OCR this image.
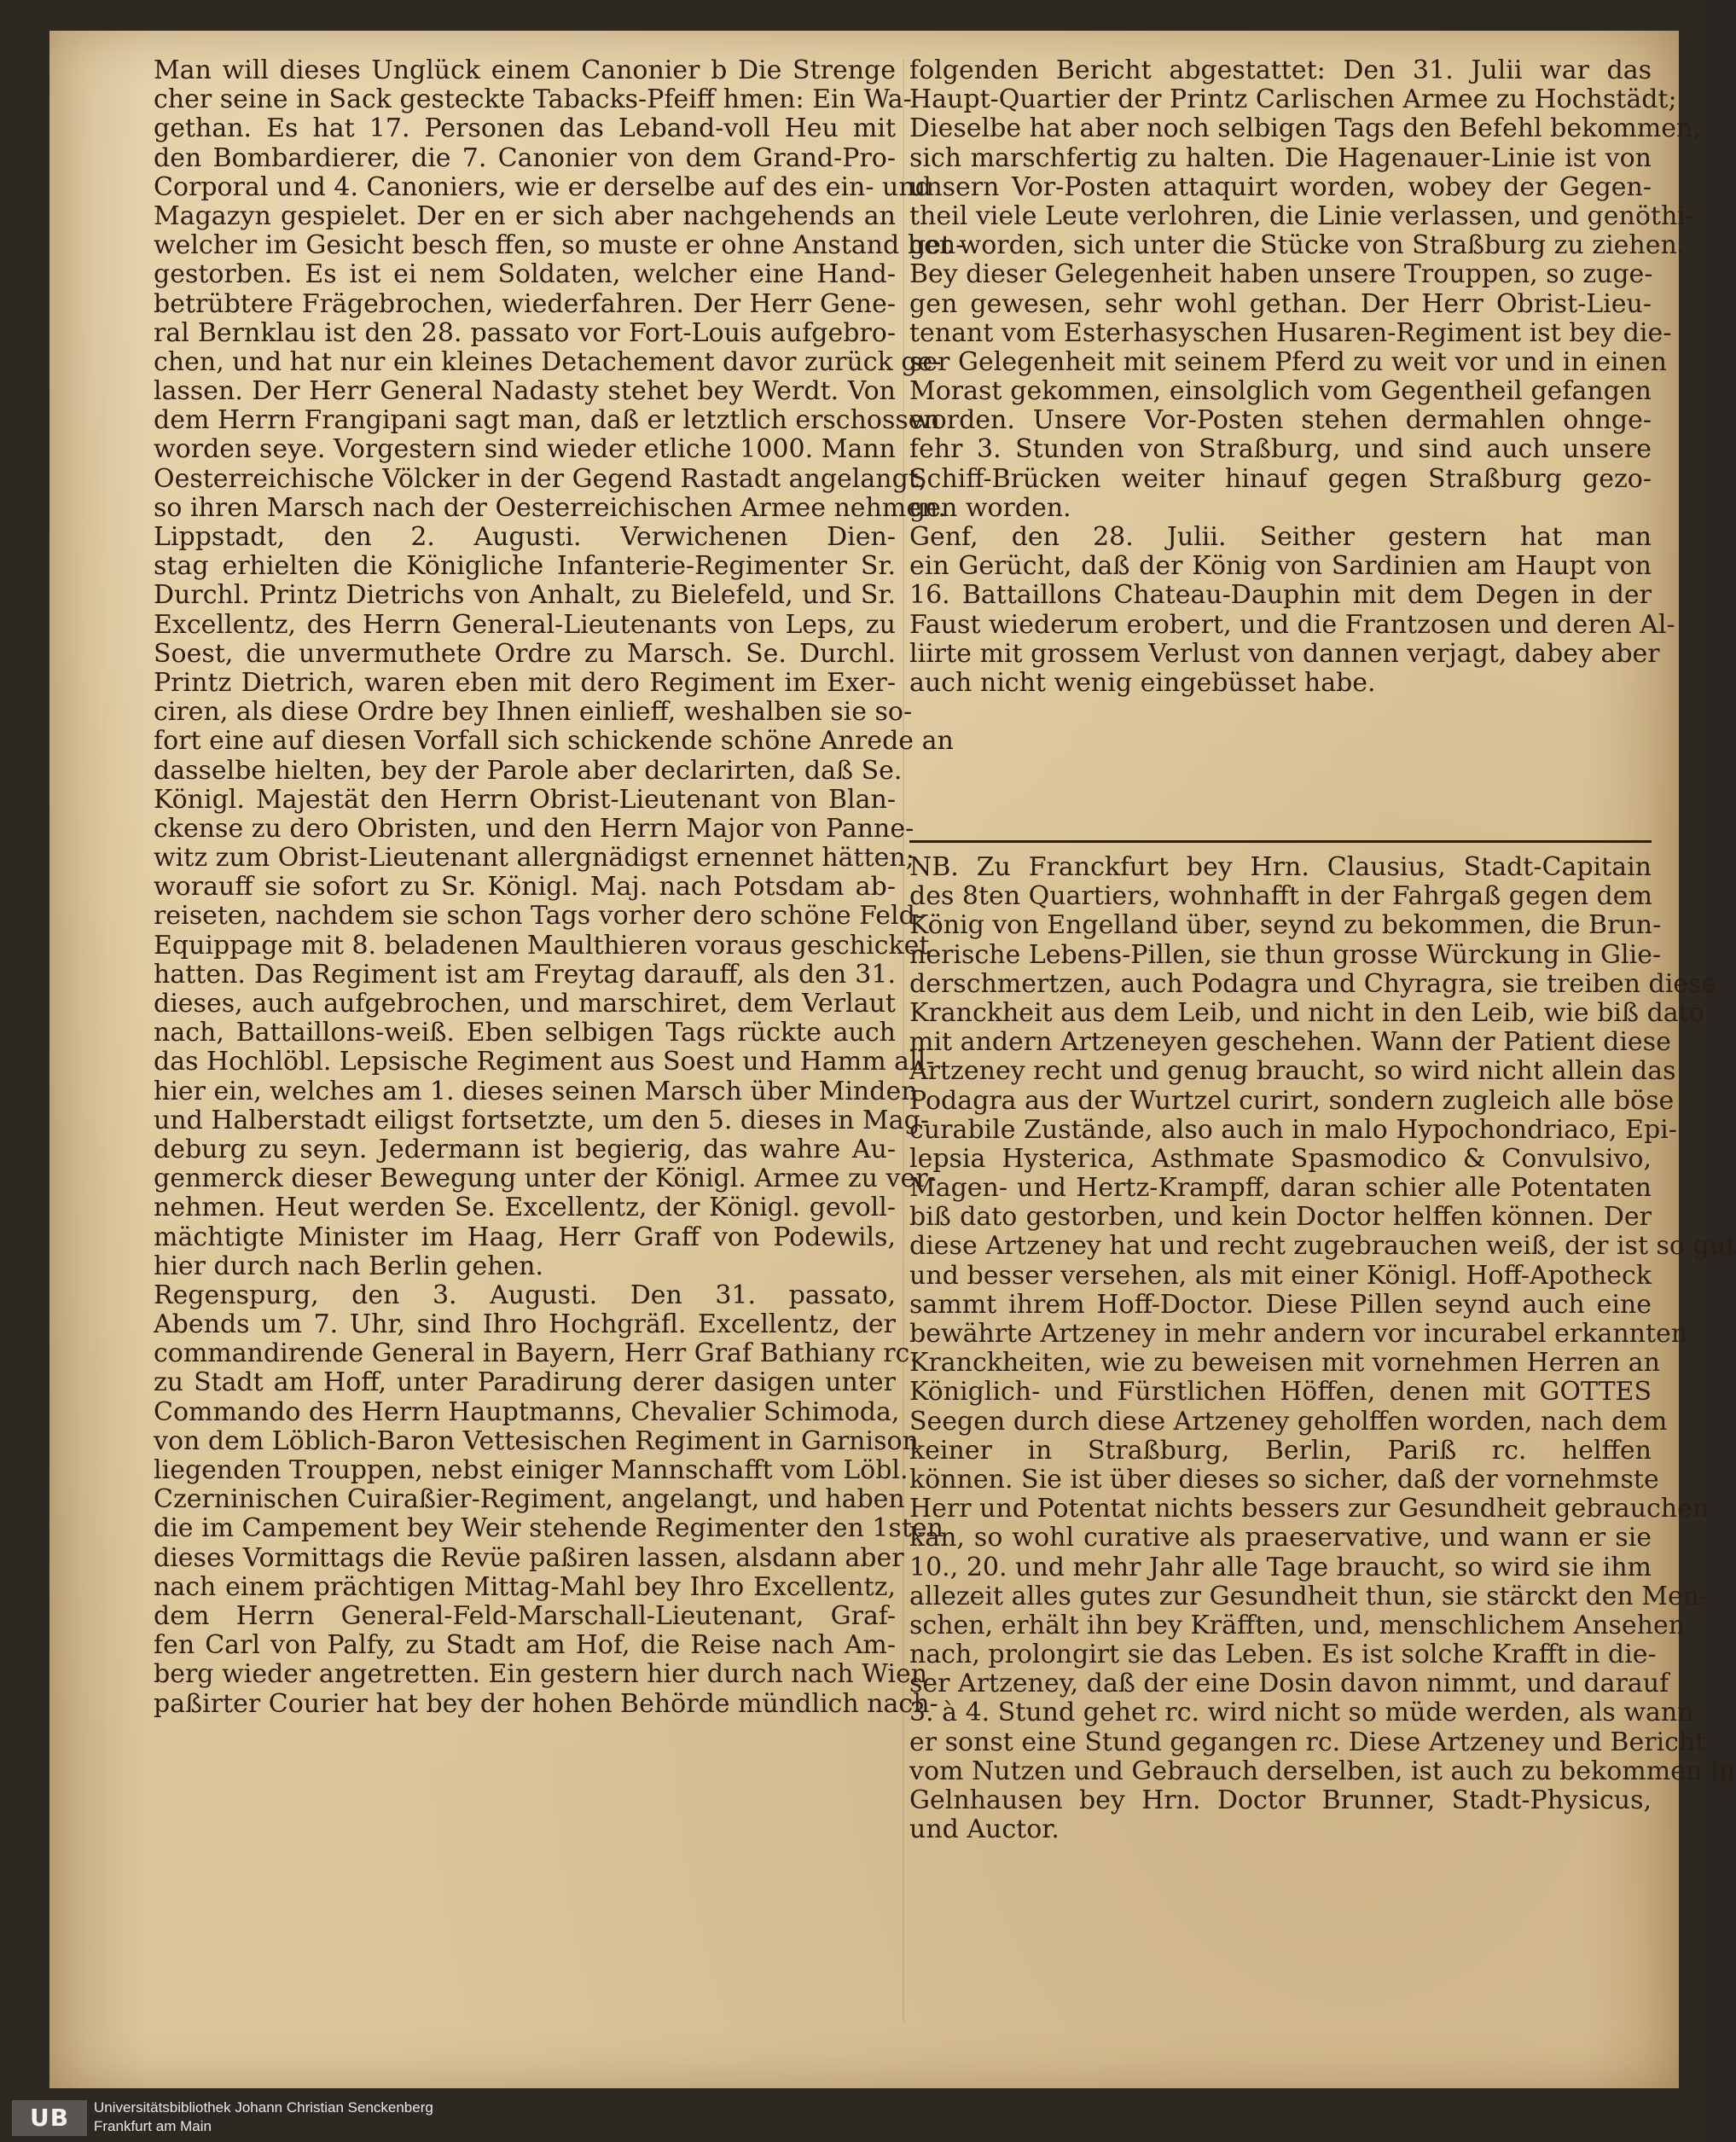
Man will dieses Unglück einem Canonier b Die Strenge
cher seine in Sack gesteckte Tabacks-Pfeiff hmen: Ein Wa-
gethan. Es hat 17. Personen das Leband-voll Heu mit
den Bombardierer, die 7. Canonier von dem Grand-Pro-
Corporal und 4. Canoniers, wie er derselbe auf des ein- und
Magazyn gespielet. Der en er sich aber nachgehends an
welcher im Gesicht besch ffen, so muste er ohne Anstand hen-
gestorben. Es ist ei nem Soldaten, welcher eine Hand-
betrübtere Frägebrochen, wiederfahren. Der Herr Gene-
ral Bernklau ist den 28. passato vor Fort-Louis aufgebro-
chen, und hat nur ein kleines Detachement davor zurück ge-
lassen. Der Herr General Nadasty stehet bey Werdt. Von
dem Herrn Frangipani sagt man, daß er letztlich erschossen
worden seye. Vorgestern sind wieder etliche 1000. Mann
Oesterreichische Völcker in der Gegend Rastadt angelangt,
so ihren Marsch nach der Oesterreichischen Armee nehmen.
Lippstadt, den 2. Augusti. Verwichenen Dien-
stag erhielten die Königliche Infanterie-Regimenter Sr.
Durchl. Printz Dietrichs von Anhalt, zu Bielefeld, und Sr.
Excellentz, des Herrn General-Lieutenants von Leps, zu
Soest, die unvermuthete Ordre zu Marsch. Se. Durchl.
Printz Dietrich, waren eben mit dero Regiment im Exer-
ciren, als diese Ordre bey Ihnen einlieff, weshalben sie so-
fort eine auf diesen Vorfall sich schickende schöne Anrede an
dasselbe hielten, bey der Parole aber declarirten, daß Se.
Königl. Majestät den Herrn Obrist-Lieutenant von Blan-
ckense zu dero Obristen, und den Herrn Major von Panne-
witz zum Obrist-Lieutenant allergnädigst ernennet hätten;
worauff sie sofort zu Sr. Königl. Maj. nach Potsdam ab-
reiseten, nachdem sie schon Tags vorher dero schöne Feld-
Equippage mit 8. beladenen Maulthieren voraus geschicket
hatten. Das Regiment ist am Freytag darauff, als den 31.
dieses, auch aufgebrochen, und marschiret, dem Verlaut
nach, Battaillons-weiß. Eben selbigen Tags rückte auch
das Hochlöbl. Lepsische Regiment aus Soest und Hamm all-
hier ein, welches am 1. dieses seinen Marsch über Minden
und Halberstadt eiligst fortsetzte, um den 5. dieses in Mag-
deburg zu seyn. Jedermann ist begierig, das wahre Au-
genmerck dieser Bewegung unter der Königl. Armee zu ver-
nehmen. Heut werden Se. Excellentz, der Königl. gevoll-
mächtigte Minister im Haag, Herr Graff von Podewils,
hier durch nach Berlin gehen.
Regenspurg, den 3. Augusti. Den 31. passato,
Abends um 7. Uhr, sind Ihro Hochgräfl. Excellentz, der
commandirende General in Bayern, Herr Graf Bathiany rc.
zu Stadt am Hoff, unter Paradirung derer dasigen unter
Commando des Herrn Hauptmanns, Chevalier Schimoda,
von dem Löblich-Baron Vettesischen Regiment in Garnison
liegenden Trouppen, nebst einiger Mannschafft vom Löbl.
Czerninischen Cuiraßier-Regiment, angelangt, und haben
die im Campement bey Weir stehende Regimenter den 1sten
dieses Vormittags die Revüe paßiren lassen, alsdann aber
nach einem prächtigen Mittag-Mahl bey Ihro Excellentz,
dem Herrn General-Feld-Marschall-Lieutenant, Graf-
fen Carl von Palfy, zu Stadt am Hof, die Reise nach Am-
berg wieder angetretten. Ein gestern hier durch nach Wien
paßirter Courier hat bey der hohen Behörde mündlich nach-
folgenden Bericht abgestattet: Den 31. Julii war das
Haupt-Quartier der Printz Carlischen Armee zu Hochstädt;
Dieselbe hat aber noch selbigen Tags den Befehl bekommen,
sich marschfertig zu halten. Die Hagenauer-Linie ist von
unsern Vor-Posten attaquirt worden, wobey der Gegen-
theil viele Leute verlohren, die Linie verlassen, und genöthi-
get worden, sich unter die Stücke von Straßburg zu ziehen.
Bey dieser Gelegenheit haben unsere Trouppen, so zuge-
gen gewesen, sehr wohl gethan. Der Herr Obrist-Lieu-
tenant vom Esterhasyschen Husaren-Regiment ist bey die-
ser Gelegenheit mit seinem Pferd zu weit vor und in einen
Morast gekommen, einsolglich vom Gegentheil gefangen
worden. Unsere Vor-Posten stehen dermahlen ohnge-
fehr 3. Stunden von Straßburg, und sind auch unsere
Schiff-Brücken weiter hinauf gegen Straßburg gezo-
gen worden.
Genf, den 28. Julii. Seither gestern hat man
ein Gerücht, daß der König von Sardinien am Haupt von
16. Battaillons Chateau-Dauphin mit dem Degen in der
Faust wiederum erobert, und die Frantzosen und deren Al-
liirte mit grossem Verlust von dannen verjagt, dabey aber
auch nicht wenig eingebüsset habe.
NB. Zu Franckfurt bey Hrn. Clausius, Stadt-Capitain
des 8ten Quartiers, wohnhafft in der Fahrgaß gegen dem
König von Engelland über, seynd zu bekommen, die Brun-
nerische Lebens-Pillen, sie thun grosse Würckung in Glie-
derschmertzen, auch Podagra und Chyragra, sie treiben diese
Kranckheit aus dem Leib, und nicht in den Leib, wie biß dato
mit andern Artzeneyen geschehen. Wann der Patient diese
Artzeney recht und genug braucht, so wird nicht allein das
Podagra aus der Wurtzel curirt, sondern zugleich alle böse
curabile Zustände, also auch in malo Hypochondriaco, Epi-
lepsia Hysterica, Asthmate Spasmodico & Convulsivo,
Magen- und Hertz-Krampff, daran schier alle Potentaten
biß dato gestorben, und kein Doctor helffen können. Der
diese Artzeney hat und recht zugebrauchen weiß, der ist so gut
und besser versehen, als mit einer Königl. Hoff-Apotheck
sammt ihrem Hoff-Doctor. Diese Pillen seynd auch eine
bewährte Artzeney in mehr andern vor incurabel erkannten
Kranckheiten, wie zu beweisen mit vornehmen Herren an
Königlich- und Fürstlichen Höffen, denen mit GOTTES
Seegen durch diese Artzeney geholffen worden, nach dem
keiner in Straßburg, Berlin, Pariß rc. helffen
können. Sie ist über dieses so sicher, daß der vornehmste
Herr und Potentat nichts bessers zur Gesundheit gebrauchen
kan, so wohl curative als praeservative, und wann er sie
10., 20. und mehr Jahr alle Tage braucht, so wird sie ihm
allezeit alles gutes zur Gesundheit thun, sie stärckt den Men-
schen, erhält ihn bey Kräfften, und, menschlichem Ansehen
nach, prolongirt sie das Leben. Es ist solche Krafft in die-
ser Artzeney, daß der eine Dosin davon nimmt, und darauf
3. à 4. Stund gehet rc. wird nicht so müde werden, als wann
er sonst eine Stund gegangen rc. Diese Artzeney und Bericht
vom Nutzen und Gebrauch derselben, ist auch zu bekommen in
Gelnhausen bey Hrn. Doctor Brunner, Stadt-Physicus,
und Auctor.
UB	Universitätsbibliothek Johann Christian Senckenberg
Frankfurt am Main
